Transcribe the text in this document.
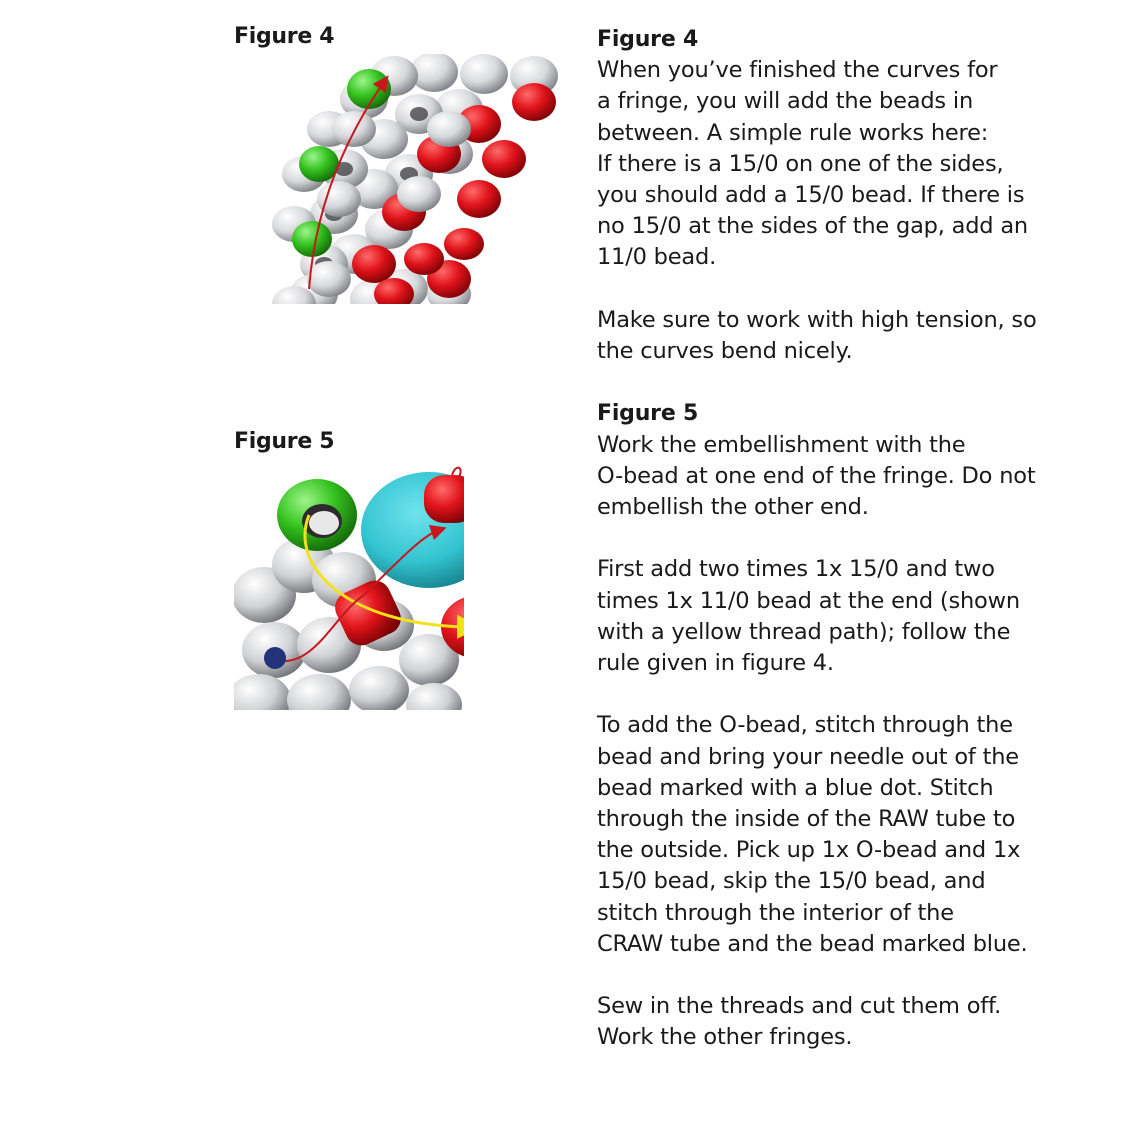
Figure 4
Figure 5
Figure 4

When you’ve finished the curves for
a fringe, you will add the beads in
between. A simple rule works here:
If there is a 15/0 on one of the sides,
you should add a 15/0 bead. If there is
no 15/0 at the sides of the gap, add an
11/0 bead.

Make sure to work with high tension, so
the curves bend nicely.

Figure 5

Work the embellishment with the
O-bead at one end of the fringe. Do not
embellish the other end.

First add two times 1x 15/0 and two
times 1x 11/0 bead at the end (shown
with a yellow thread path); follow the
rule given in figure 4.

To add the O-bead, stitch through the
bead and bring your needle out of the
bead marked with a blue dot. Stitch
through the inside of the RAW tube to
the outside. Pick up 1x O-bead and 1x
15/0 bead, skip the 15/0 bead, and
stitch through the interior of the
CRAW tube and the bead marked blue.

Sew in the threads and cut them off.
Work the other fringes.
